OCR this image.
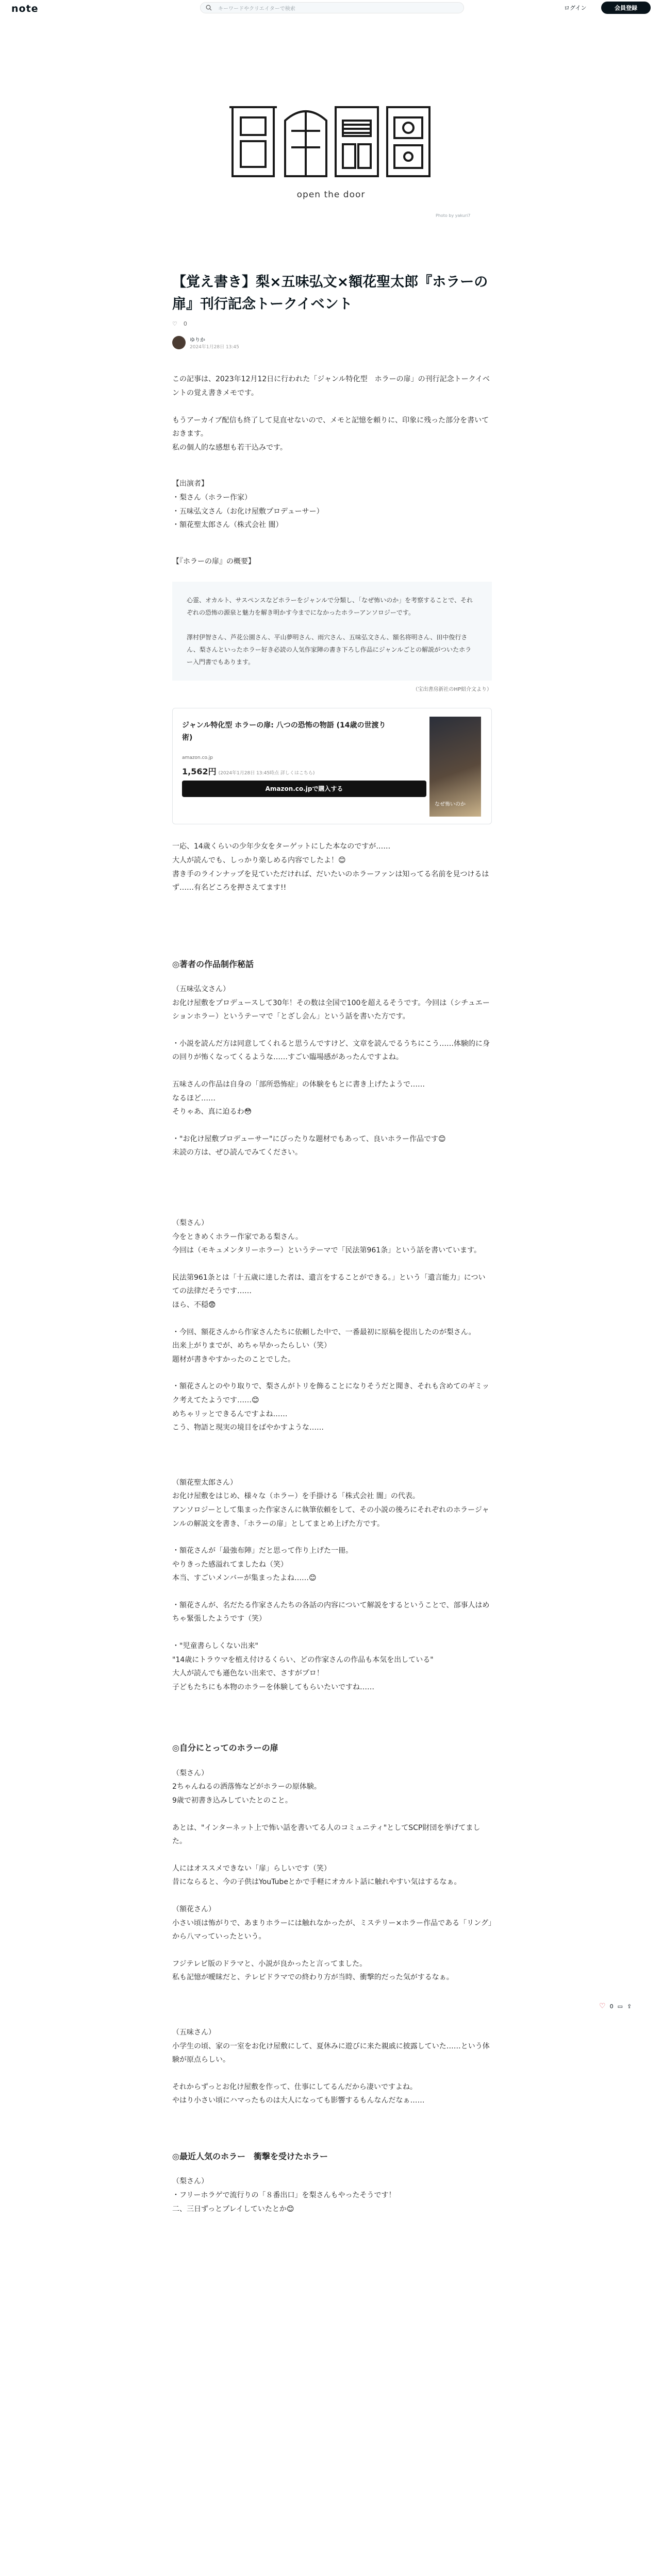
note	キーワードやクリエイターで検索	ログイン	会員登録
open the door
Photo by yakuri7
【覚え書き】梨×五味弘文×額花聖太郎『ホラーの扉』刊行記念トークイベント
♡ 0
ゆりか
2024年1月28日 13:45

この記事は、2023年12月12日に行われた「ジャンル特化型　ホラーの扉」の刊行記念トークイベントの覚え書きメモです。

もうアーカイブ配信も終了して見直せないので、メモと記憶を頼りに、印象に残った部分を書いておきます。
私の個人的な感想も若干込みです。

【出演者】
・梨さん（ホラー作家）
・五味弘文さん（お化け屋敷プロデューサー）
・額花聖太郎さん（株式会社 闇）

【『ホラーの扉』の概要】

心霊、オカルト、サスペンスなどホラーをジャンルで分類し、「なぜ怖いのか」を考察することで、それぞれの恐怖の源泉と魅力を解き明かす今までになかったホラーアンソロジーです。

澤村伊智さん、芦花公園さん、平山夢明さん、雨穴さん、五味弘文さん、額名将明さん、田中俊行さん、梨さんといったホラー好き必読の人気作家陣の書き下ろし作品にジャンルごとの解説がついたホラー入門書でもあります。
（宝出書房新社のHP紹介文より）
ジャンル特化型 ホラーの扉: 八つの恐怖の物語 (14歳の世渡り術)
amazon.co.jp
1,562円 (2024年1月28日 13:45時点 詳しくはこちら)
Amazon.co.jpで購入する
なぜ怖いのか

一応、14歳くらいの少年少女をターゲットにした本なのですが……
大人が読んでも、しっかり楽しめる内容でしたよ！😊
書き手のラインナップを見ていただければ、だいたいのホラーファンは知ってる名前を見つけるはず……有名どころを押さえてます!!

◎著者の作品制作秘話

（五味弘文さん）
お化け屋敷をプロデュースして30年！その数は全国で100を超えるそうです。今回は（シチュエーションホラー）というテーマで「とざし会ん」という話を書いた方です。

・小説を読んだ方は同意してくれると思うんですけど、文章を読んでるうちにこう……体験的に身の回りが怖くなってくるような……すごい臨場感があったんですよね。

五味さんの作品は自身の「部所恐怖症」の体験をもとに書き上げたようで……
なるほど……
そりゃあ、真に迫るわ😳

・"お化け屋敷プロデューサー"にぴったりな題材でもあって、良いホラー作品です😊
未読の方は、ぜひ読んでみてください。

（梨さん）
今をときめくホラー作家である梨さん。
今回は（モキュメンタリーホラー）というテーマで「民法第961条」という話を書いています。

民法第961条とは「十五歳に達した者は、遺言をすることができる。」という「遺言能力」についての法律だそうです……
ほら、不穏😨

・今回、額花さんから作家さんたちに依頼した中で、一番最初に原稿を提出したのが梨さん。
出来上がりまでが、めちゃ早かったらしい（笑）
題材が書きやすかったのことでした。

・額花さんとのやり取りで、梨さんがトリを飾ることになりそうだと聞き、それも含めてのギミック考えてたようです……😊
めちゃリッとできるんですよね……
こう、物語と現実の境目をばやかすような……

（額花聖太郎さん）
お化け屋敷をはじめ、様々な（ホラー）を手掛ける「株式会社 闇」の代表。
アンソロジーとして集まった作家さんに執筆依頼をして、その小説の後ろにそれぞれのホラージャンルの解説文を書き、「ホラーの扉」としてまとめ上げた方です。

・額花さんが「最強布陣」だと思って作り上げた一冊。
やりきった感溢れてましたね（笑）
本当、すごいメンバーが集まったよね……😊

・額花さんが、名だたる作家さんたちの各話の内容について解説をするということで、部事人はめちゃ緊張したようです（笑）

・"児童書らしくない出来"
"14歳にトラウマを植え付けるくらい、どの作家さんの作品も本気を出している"
大人が読んでも遜色ない出来で、さすがプロ！
子どもたちにも本物のホラーを体験してもらいたいですね……

◎自分にとってのホラーの扉

（梨さん）
2ちゃんねるの洒落怖などがホラーの原体験。
9歳で初書き込みしていたとのこと。

あとは、"インターネット上で怖い話を書いてる人のコミュニティ"としてSCP財団を挙げてました。

人にはオススメできない「扉」らしいです（笑）
昔にならると、今の子供はYouTubeとかで手軽にオカルト話に触れやすい気はするなぁ。

（額花さん）
小さい頃は怖がりで、あまりホラーには触れなかったが、ミステリー×ホラー作品である「リング」から八マっていったという。

フジテレビ版のドラマと、小説が良かったと言ってました。
私も記憶が曖昧だと、テレビドラマでの終わり方が当時、衝撃的だった気がするなぁ。

（五味さん）
小学生の頃、家の一室をお化け屋敷にして、夏休みに遊びに来た親戚に披露していた……という体験が原点らしい。

それからずっとお化け屋敷を作って、仕事にしてるんだから凄いですよね。
やはり小さい頃にハマったものは大人になっても影響するもんなんだなぁ……

◎最近人気のホラー　衝撃を受けたホラー

（梨さん）
・フリーホラゲで流行りの「８番出口」を梨さんもやったそうです！
二、三日ずっとプレイしていたとか😊

♡ 0 ▭ ⇪
